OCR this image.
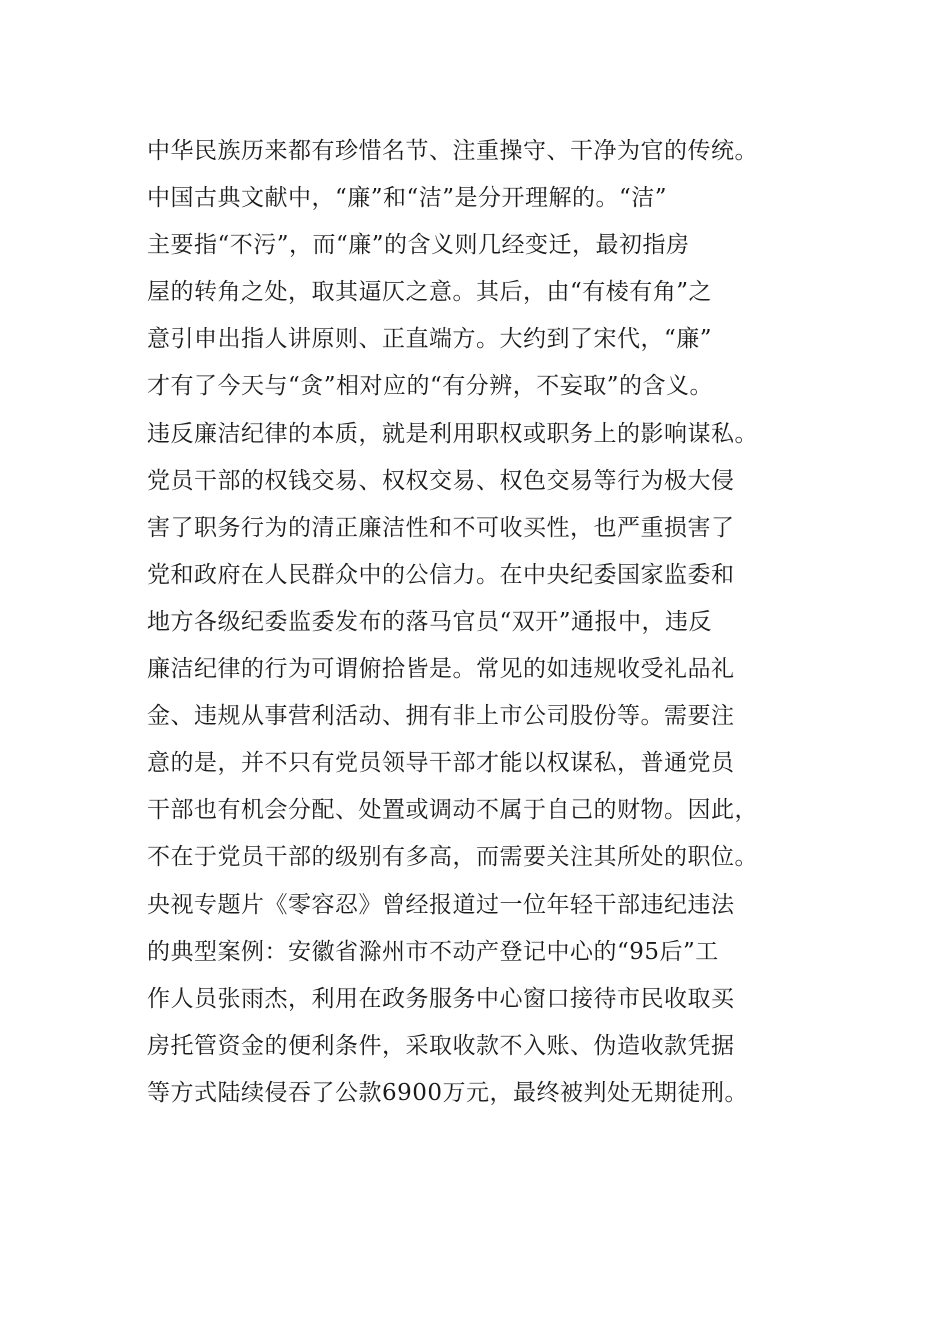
中华民族历来都有珍惜名节、注重操守、干净为官的传统。
中国古典文献中，“廉”和“洁”是分开理解的。“洁”
主要指“不污”，而“廉”的含义则几经变迁，最初指房
屋的转角之处，取其逼仄之意。其后，由“有棱有角”之
意引申出指人讲原则、正直端方。大约到了宋代，“廉”
才有了今天与“贪”相对应的“有分辨，不妄取”的含义。
违反廉洁纪律的本质，就是利用职权或职务上的影响谋私。
党员干部的权钱交易、权权交易、权色交易等行为极大侵
害了职务行为的清正廉洁性和不可收买性，也严重损害了
党和政府在人民群众中的公信力。在中央纪委国家监委和
地方各级纪委监委发布的落马官员“双开”通报中，违反
廉洁纪律的行为可谓俯拾皆是。常见的如违规收受礼品礼
金、违规从事营利活动、拥有非上市公司股份等。需要注
意的是，并不只有党员领导干部才能以权谋私，普通党员
干部也有机会分配、处置或调动不属于自己的财物。因此，
不在于党员干部的级别有多高，而需要关注其所处的职位。
央视专题片《零容忍》曾经报道过一位年轻干部违纪违法
的典型案例：安徽省滁州市不动产登记中心的“95后”工
作人员张雨杰，利用在政务服务中心窗口接待市民收取买
房托管资金的便利条件，采取收款不入账、伪造收款凭据
等方式陆续侵吞了公款6900万元，最终被判处无期徒刑。
